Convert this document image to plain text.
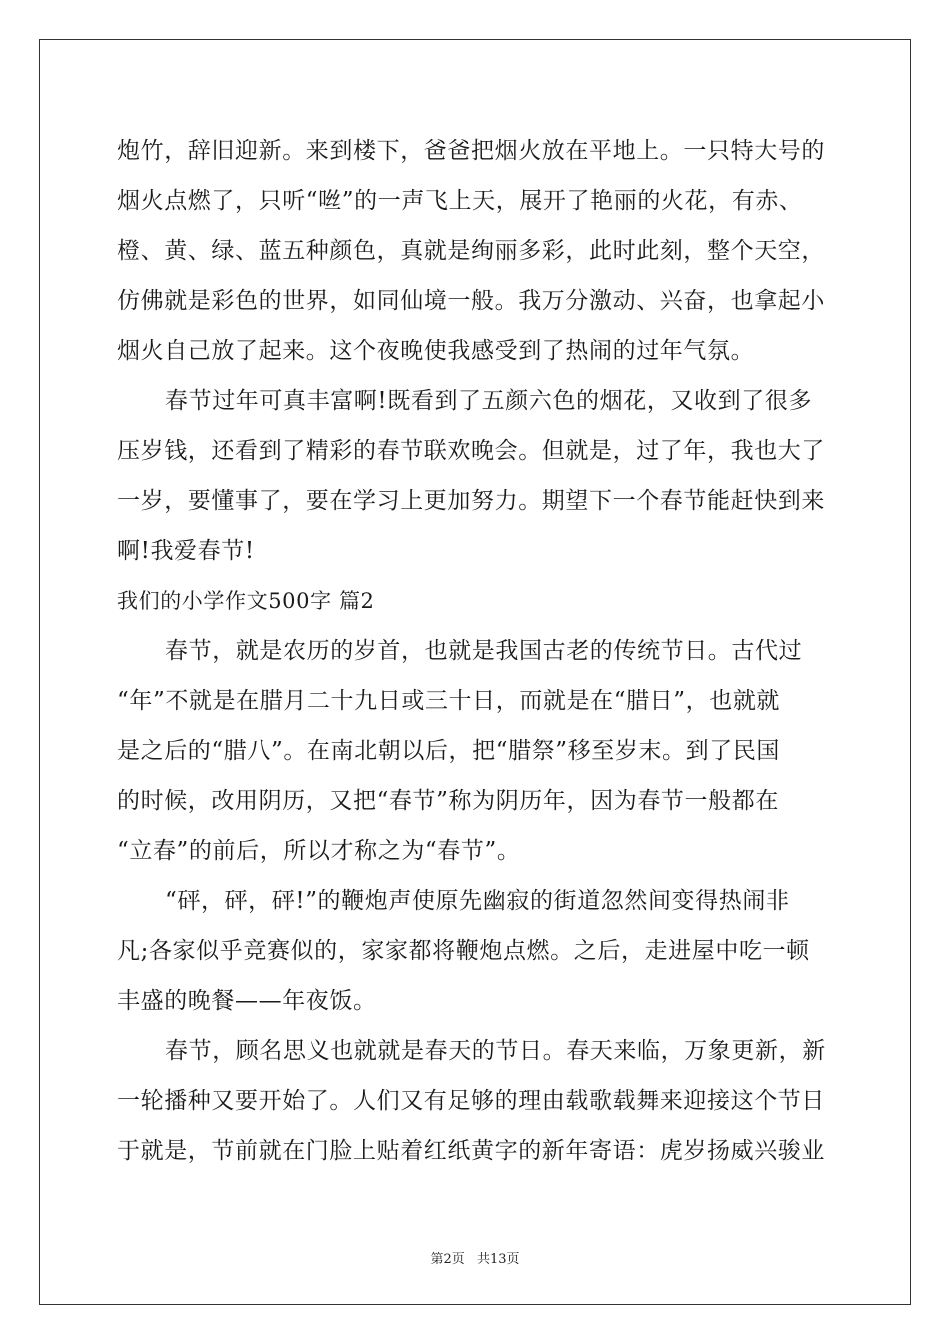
炮竹，辞旧迎新。来到楼下，爸爸把烟火放在平地上。一只特大号的
烟火点燃了，只听“咝”的一声飞上天，展开了艳丽的火花，有赤、
橙、黄、绿、蓝五种颜色，真就是绚丽多彩，此时此刻，整个天空，
仿佛就是彩色的世界，如同仙境一般。我万分激动、兴奋，也拿起小
烟火自己放了起来。这个夜晚使我感受到了热闹的过年气氛。
春节过年可真丰富啊!既看到了五颜六色的烟花，又收到了很多
压岁钱，还看到了精彩的春节联欢晚会。但就是，过了年，我也大了
一岁，要懂事了，要在学习上更加努力。期望下一个春节能赶快到来
啊!我爱春节!
我们的小学作文500字 篇2
春节，就是农历的岁首，也就是我国古老的传统节日。古代过
“年”不就是在腊月二十九日或三十日，而就是在“腊日”，也就就
是之后的“腊八”。在南北朝以后，把“腊祭”移至岁末。到了民国
的时候，改用阴历，又把“春节”称为阴历年，因为春节一般都在
“立春”的前后，所以才称之为“春节”。
“砰，砰，砰!”的鞭炮声使原先幽寂的街道忽然间变得热闹非
凡;各家似乎竞赛似的，家家都将鞭炮点燃。之后，走进屋中吃一顿
丰盛的晚餐——年夜饭。
春节，顾名思义也就就是春天的节日。春天来临，万象更新，新
一轮播种又要开始了。人们又有足够的理由载歌载舞来迎接这个节日
于就是，节前就在门脸上贴着红纸黄字的新年寄语：虎岁扬威兴骏业
第2页 共13页
